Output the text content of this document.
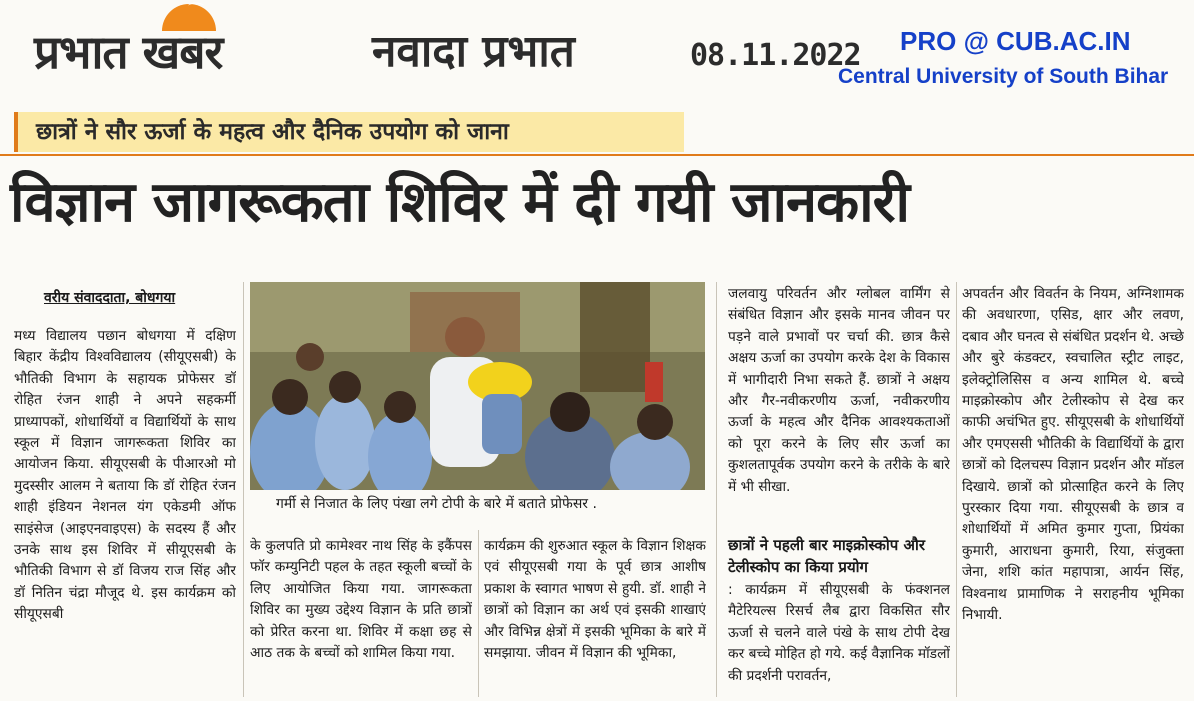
⌒
प्रभात खबर	नवादा प्रभात	08.11.2022 PRO @ CUB.AC.IN
Central University of South Bihar
छात्रों ने सौर ऊर्जा के महत्व और दैनिक उपयोग को जाना
विज्ञान जागरूकता शिविर में दी गयी जानकारी
वरीय संवाददाता, बोधगया
मध्य विद्यालय पछान बोधगया में दक्षिण बिहार केंद्रीय विश्वविद्यालय (सीयूएसबी) के भौतिकी विभाग के सहायक प्रोफेसर डॉ रोहित रंजन शाही ने अपने सहकर्मी प्राध्यापकों, शोधार्थियों व विद्यार्थियों के साथ स्कूल में विज्ञान जागरूकता शिविर का आयोजन किया. सीयूएसबी के पीआरओ मो मुदस्सीर आलम ने बताया कि डॉ रोहित रंजन शाही इंडियन नेशनल यंग एकेडमी ऑफ साइंसेज (आइएनवाइएस) के सदस्य हैं और उनके साथ इस शिविर में सीयूएसबी के भौतिकी विभाग से डॉ विजय राज सिंह और डॉ नितिन चंद्रा मौजूद थे. इस कार्यक्रम को सीयूएसबी
गर्मी से निजात के लिए पंखा लगे टोपी के बारे में बताते प्रोफेसर .
के कुलपति प्रो कामेश्वर नाथ सिंह के इकैंपस फॉर कम्युनिटी पहल के तहत स्कूली बच्चों के लिए आयोजित किया गया. जागरूकता शिविर का मुख्य उद्देश्य विज्ञान के प्रति छात्रों को प्रेरित करना था. शिविर में कक्षा छह से आठ तक के बच्चों को शामिल किया गया.
कार्यक्रम की शुरुआत स्कूल के विज्ञान शिक्षक एवं सीयूएसबी गया के पूर्व छात्र आशीष प्रकाश के स्वागत भाषण से हुयी. डॉ. शाही ने छात्रों को विज्ञान का अर्थ एवं इसकी शाखाएं और विभिन्न क्षेत्रों में इसकी भूमिका के बारे में समझाया. जीवन में विज्ञान की भूमिका,
जलवायु परिवर्तन और ग्लोबल वार्मिंग से संबंधित विज्ञान और इसके मानव जीवन पर पड़ने वाले प्रभावों पर चर्चा की. छात्र कैसे अक्षय ऊर्जा का उपयोग करके देश के विकास में भागीदारी निभा सकते हैं. छात्रों ने अक्षय और गैर-नवीकरणीय ऊर्जा, नवीकरणीय ऊर्जा के महत्व और दैनिक आवश्यकताओं को पूरा करने के लिए सौर ऊर्जा का कुशलतापूर्वक उपयोग करने के तरीके के बारे में भी सीखा.
छात्रों ने पहली बार माइक्रोस्कोप और टेलीस्कोप का किया प्रयोग
: कार्यक्रम में सीयूएसबी के फंक्शनल मैटेरियल्स रिसर्च लैब द्वारा विकसित सौर ऊर्जा से चलने वाले पंखे के साथ टोपी देख कर बच्चे मोहित हो गये. कई वैज्ञानिक मॉडलों की प्रदर्शनी परावर्तन,
अपवर्तन और विवर्तन के नियम, अग्निशामक की अवधारणा, एसिड, क्षार और लवण, दबाव और घनत्व से संबंधित प्रदर्शन थे. अच्छे और बुरे कंडक्टर, स्वचालित स्ट्रीट लाइट, इलेक्ट्रोलिसिस व अन्य शामिल थे. बच्चे माइक्रोस्कोप और टेलीस्कोप से देख कर काफी अचंभित हुए. सीयूएसबी के शोधार्थियों और एमएससी भौतिकी के विद्यार्थियों के द्वारा छात्रों को दिलचस्प विज्ञान प्रदर्शन और मॉडल दिखाये. छात्रों को प्रोत्साहित करने के लिए पुरस्कार दिया गया. सीयूएसबी के छात्र व शोधार्थियों में अमित कुमार गुप्ता, प्रियंका कुमारी, आराधना कुमारी, रिया, संजुक्ता जेना, शशि कांत महापात्रा, आर्यन सिंह, विश्वनाथ प्रामाणिक ने सराहनीय भूमिका निभायी.
